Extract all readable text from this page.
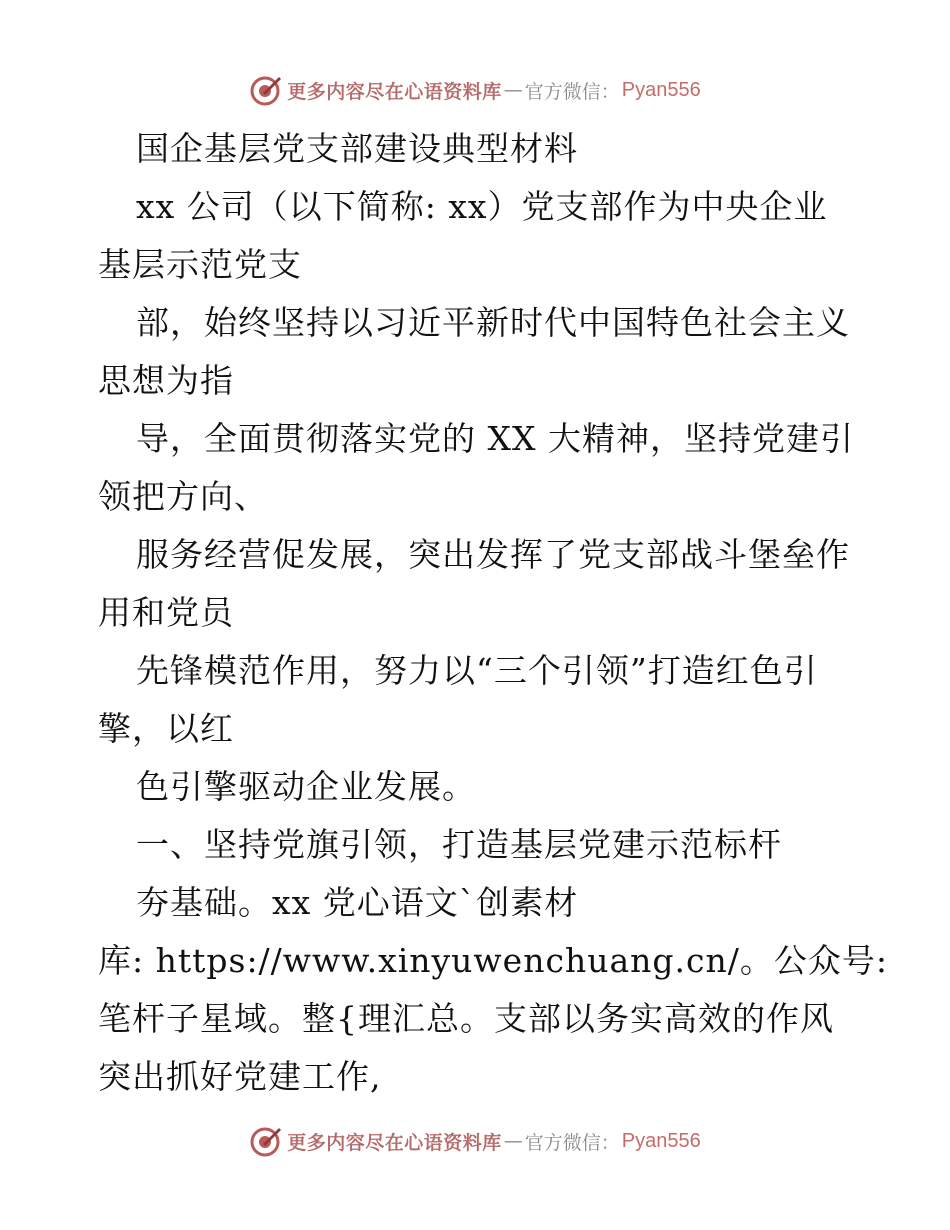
更多内容尽在心语资料库 — 官方微信： Pyan556
国企基层党支部建设典型材料
xx 公司（以下简称: xx）党支部作为中央企业
基层示范党支
部，始终坚持以习近平新时代中国特色社会主义
思想为指
导，全面贯彻落实党的 XX 大精神，坚持党建引
领把方向、
服务经营促发展，突出发挥了党支部战斗堡垒作
用和党员
先锋模范作用，努力以“三个引领”打造红色引
擎，以红
色引擎驱动企业发展。
一、坚持党旗引领，打造基层党建示范标杆
夯基础。xx 党心语文`创素材
库: https://www.xinyuwenchuang.cn/。公众号:
笔杆子星域。整{理汇总。支部以务实高效的作风
突出抓好党建工作,
更多内容尽在心语资料库 — 官方微信： Pyan556
